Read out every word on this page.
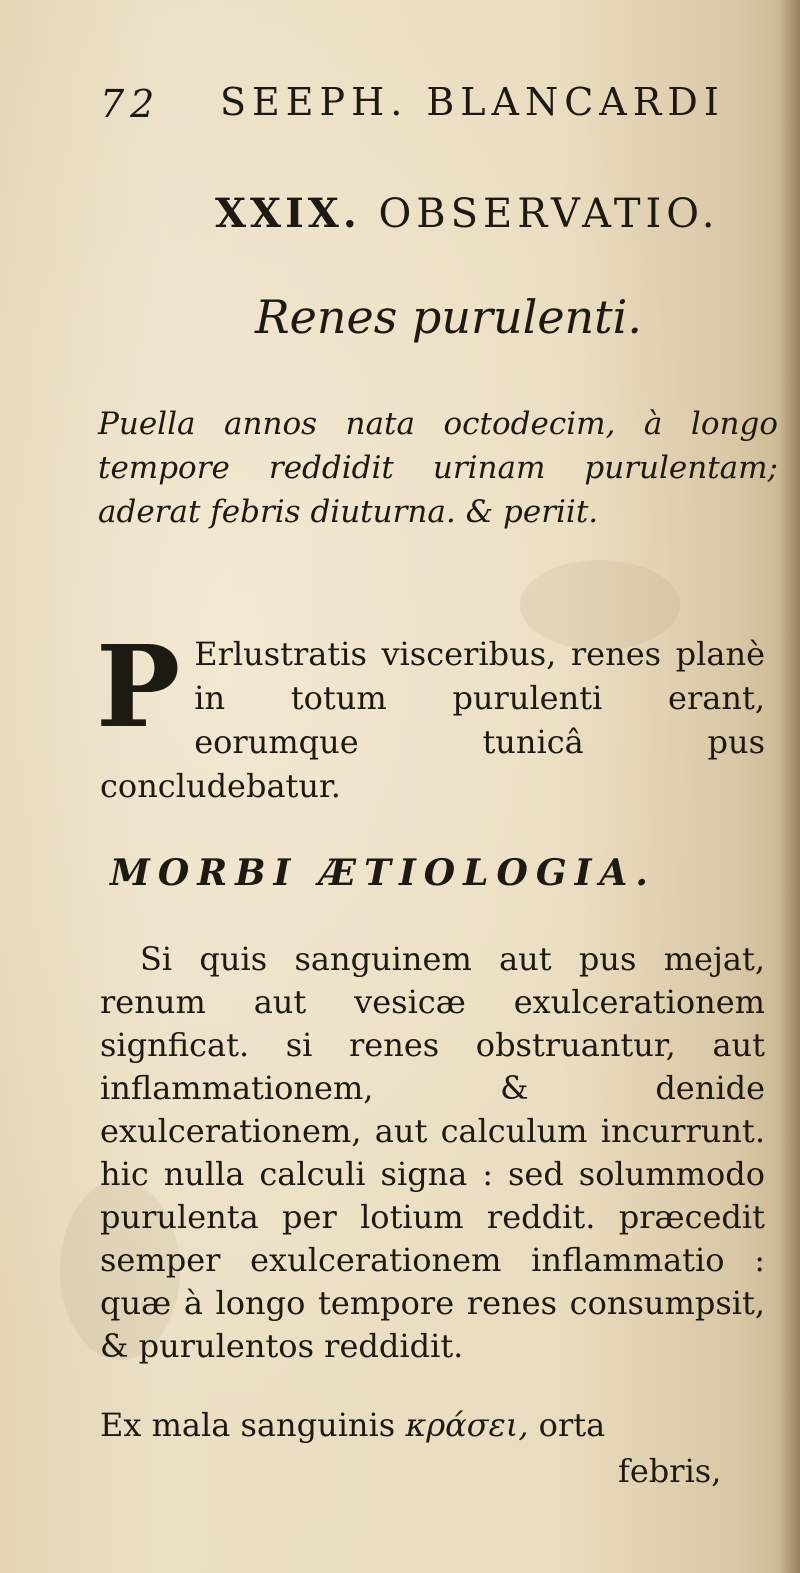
72 SEEPH. BLANCARDI
XXIX. OBSERVATIO.
Renes purulenti.
Puella annos nata octodecim, à longo tempore reddidit urinam purulentam; aderat febris diuturna. & periit.
P Erlustratis visceribus, renes planè in totum purulenti erant, eorumque tunicâ pus concludebatur.
MORBI ÆTIOLOGIA.
Si quis sanguinem aut pus mejat, renum aut vesicæ exulcerationem signficat. si renes obstruantur, aut inflammationem, & denide exulcerationem, aut calculum incurrunt. hic nulla calculi signa : sed solummodo purulenta per lotium reddit. præcedit semper exulcerationem inflammatio : quæ à longo tempore renes consumpsit, & purulentos reddidit.
Ex mala sanguinis κράσει, orta
febris,
